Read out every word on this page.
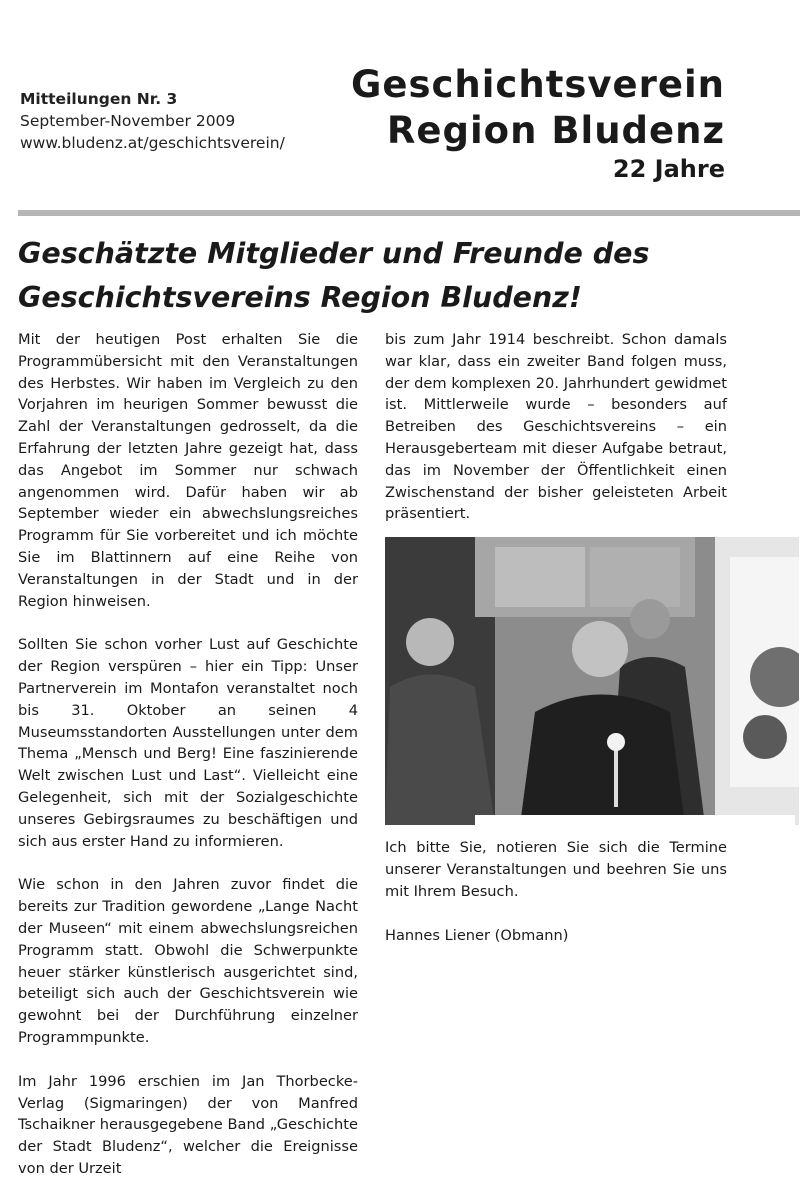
Mitteilungen Nr. 3
September-November 2009
www.bludenz.at/geschichtsverein/
Geschichtsverein
Region Bludenz
22 Jahre
Geschätzte Mitglieder und Freunde des
Geschichtsvereins Region Bludenz!

Mit der heutigen Post erhalten Sie die Programmübersicht mit den Veranstaltungen des Herbstes. Wir haben im Vergleich zu den Vorjahren im heurigen Sommer bewusst die Zahl der Veranstaltungen gedrosselt, da die Erfahrung der letzten Jahre gezeigt hat, dass das Angebot im Sommer nur schwach angenommen wird. Dafür haben wir ab September wieder ein abwechslungsreiches Programm für Sie vorbereitet und ich möchte Sie im Blattinnern auf eine Reihe von Veranstaltungen in der Stadt und in der Region hinweisen.

Sollten Sie schon vorher Lust auf Geschichte der Region verspüren – hier ein Tipp: Unser Partnerverein im Montafon veranstaltet noch bis 31. Oktober an seinen 4 Museumsstandorten Ausstellungen unter dem Thema „Mensch und Berg! Eine faszinierende Welt zwischen Lust und Last“. Vielleicht eine Gelegenheit, sich mit der Sozialgeschichte unseres Gebirgsraumes zu beschäftigen und sich aus erster Hand zu informieren.

Wie schon in den Jahren zuvor findet die bereits zur Tradition gewordene „Lange Nacht der Museen“ mit einem abwechslungsreichen Programm statt. Obwohl die Schwerpunkte heuer stärker künstlerisch ausgerichtet sind, beteiligt sich auch der Geschichtsverein wie gewohnt bei der Durchführung einzelner Programmpunkte.

Im Jahr 1996 erschien im Jan Thorbecke-Verlag (Sigmaringen) der von Manfred Tschaikner herausgegebene Band „Geschichte der Stadt Bludenz“, welcher die Ereignisse von der Urzeit

bis zum Jahr 1914 beschreibt. Schon damals war klar, dass ein zweiter Band folgen muss, der dem komplexen 20. Jahrhundert gewidmet ist. Mittlerweile wurde – besonders auf Betreiben des Geschichtsvereins – ein Herausgeberteam mit dieser Aufgabe betraut, das im November der Öffentlichkeit einen Zwischenstand der bisher geleisteten Arbeit präsentiert.

Ich bitte Sie, notieren Sie sich die Termine unserer Veranstaltungen und beehren Sie uns mit Ihrem Besuch.

Hannes Liener (Obmann)
